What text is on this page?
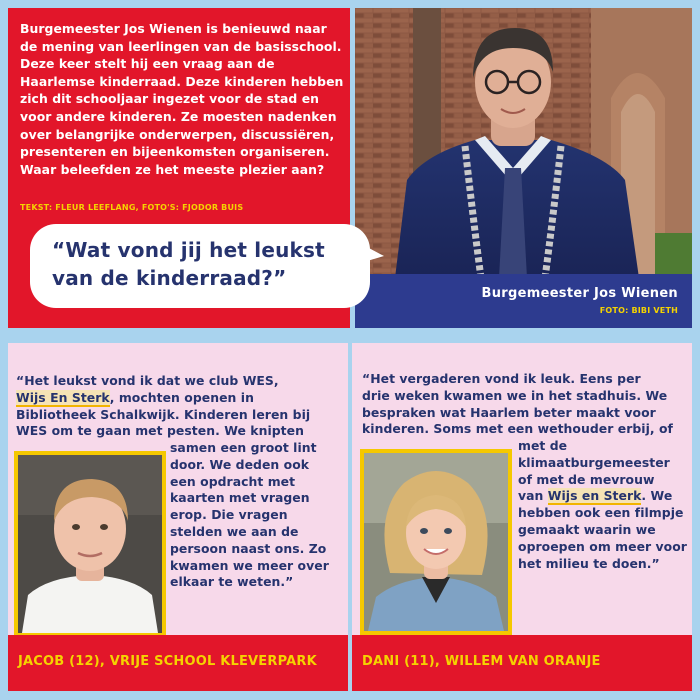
Burgemeester Jos Wienen is benieuwd naar
de mening van leerlingen van de basisschool.
Deze keer stelt hij een vraag aan de
Haarlemse kinderraad. Deze kinderen hebben
zich dit schooljaar ingezet voor de stad en
voor andere kinderen. Ze moesten nadenken
over belangrijke onderwerpen, discussiëren,
presenteren en bijeenkomsten organiseren.
Waar beleefden ze het meeste plezier aan?
TEKST: FLEUR LEEFLANG, FOTO'S: FJODOR BUIS
Burgemeester Jos Wienen
FOTO: BIBI VETH
“Wat vond jij het leukst
van de kinderraad?”
“Het leukst vond ik dat we club WES,
Wijs En Sterk, mochten openen in
Bibliotheek Schalkwijk. Kinderen leren bij
WES om te gaan met pesten. We knipten
samen een groot lint
door. We deden ook
een opdracht met
kaarten met vragen
erop. Die vragen
stelden we aan de
persoon naast ons. Zo
kwamen we meer over
elkaar te weten.”
JACOB (12), VRIJE SCHOOL KLEVERPARK
“Het vergaderen vond ik leuk. Eens per
drie weken kwamen we in het stadhuis. We
bespraken wat Haarlem beter maakt voor
kinderen. Soms met een wethouder erbij, of
met de
klimaatburgemeester
of met de mevrouw
van Wijs en Sterk. We
hebben ook een filmpje
gemaakt waarin we
oproepen om meer voor
het milieu te doen.”
DANI (11), WILLEM VAN ORANJE
